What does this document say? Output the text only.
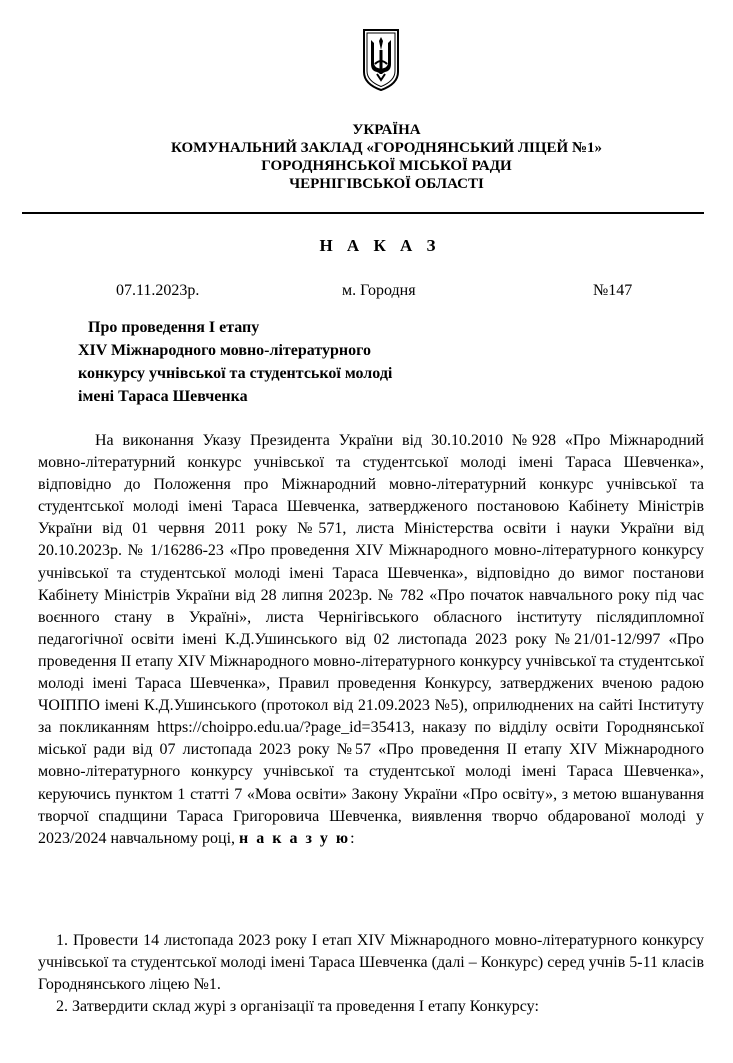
УКРАЇНА
КОМУНАЛЬНИЙ ЗАКЛАД «ГОРОДНЯНСЬКИЙ ЛІЦЕЙ №1»
ГОРОДНЯНСЬКОЇ МІСЬКОЇ РАДИ
ЧЕРНІГІВСЬКОЇ ОБЛАСТІ
Н А К А З
07.11.2023р.	м. Городня	№147
Про проведення І етапу
XIV Міжнародного мовно-літературного
конкурсу учнівської та студентської молоді
імені Тараса Шевченка
На виконання Указу Президента України від 30.10.2010 №928 «Про Міжнародний мовно-літературний конкурс учнівської та студентської молоді імені Тараса Шевченка», відповідно до Положення про Міжнародний мовно-літературний конкурс учнівської та студентської молоді імені Тараса Шевченка, затвердженого постановою Кабінету Міністрів України від 01 червня 2011 року №571, листа Міністерства освіти і науки України від 20.10.2023р. № 1/16286-23 «Про проведення XIV Міжнародного мовно-літературного конкурсу учнівської та студентської молоді імені Тараса Шевченка», відповідно до вимог постанови Кабінету Міністрів України від 28 липня 2023р. № 782 «Про початок навчального року під час воєнного стану в Україні», листа Чернігівського обласного інституту післядипломної педагогічної освіти імені К.Д.Ушинського від 02 листопада 2023 року №21/01-12/997 «Про проведення ІІ етапу XIV Міжнародного мовно-літературного конкурсу учнівської та студентської молоді імені Тараса Шевченка», Правил проведення Конкурсу, затверджених вченою радою ЧОІППО імені К.Д.Ушинського (протокол від 21.09.2023 №5), оприлюднених на сайті Інституту за покликанням https://choippo.edu.ua/?page_id=35413, наказу по відділу освіти Городнянської міської ради від 07 листопада 2023 року №57 «Про проведення ІІ етапу XIV Міжнародного мовно-літературного конкурсу учнівської та студентської молоді імені Тараса Шевченка», керуючись пунктом 1 статті 7 «Мова освіти» Закону України «Про освіту», з метою вшанування творчої спадщини Тараса Григоровича Шевченка, виявлення творчо обдарованої молоді у 2023/2024 навчальному році, н а к а з у ю:
1. Провести 14 листопада 2023 року І етап XIV Міжнародного мовно-літературного конкурсу учнівської та студентської молоді імені Тараса Шевченка (далі – Конкурс) серед учнів 5-11 класів Городнянського ліцею №1.
2. Затвердити склад журі з організації та проведення І етапу Конкурсу:
